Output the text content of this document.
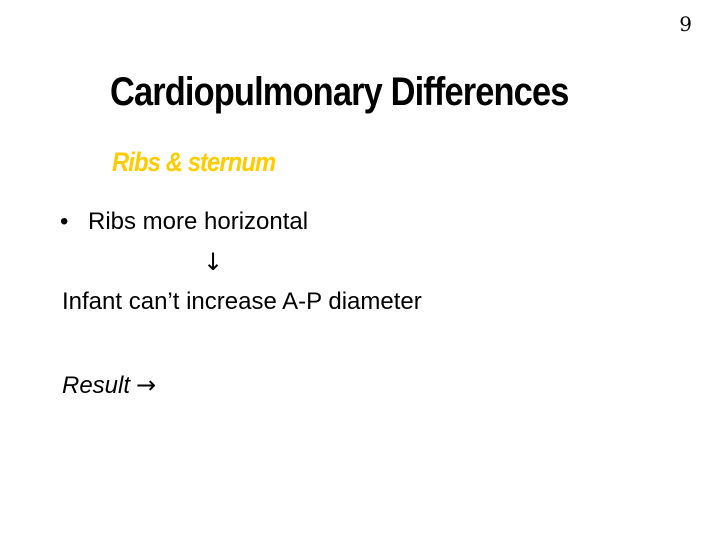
9
Cardiopulmonary Differences
Ribs & sternum
• Ribs more horizontal
↓
Infant can’t increase A-P diameter
Result →
